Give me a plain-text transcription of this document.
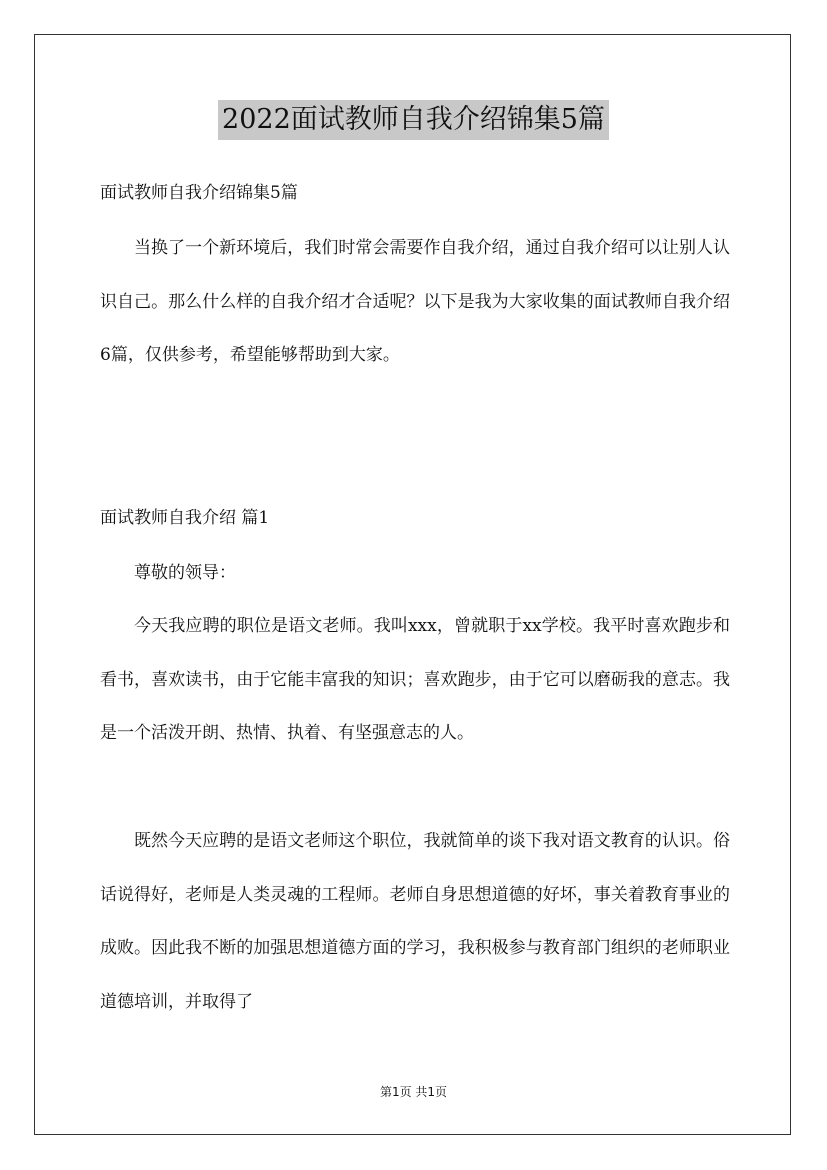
2022面试教师自我介绍锦集5篇

面试教师自我介绍锦集5篇

当换了一个新环境后，我们时常会需要作自我介绍，通过自我介绍可以让别人认识自己。那么什么样的自我介绍才合适呢？以下是我为大家收集的面试教师自我介绍6篇，仅供参考，希望能够帮助到大家。

面试教师自我介绍 篇1

尊敬的领导：

今天我应聘的职位是语文老师。我叫xxx，曾就职于xx学校。我平时喜欢跑步和看书，喜欢读书，由于它能丰富我的知识；喜欢跑步，由于它可以磨砺我的意志。我是一个活泼开朗、热情、执着、有坚强意志的人。

既然今天应聘的是语文老师这个职位，我就简单的谈下我对语文教育的认识。俗话说得好，老师是人类灵魂的工程师。老师自身思想道德的好坏，事关着教育事业的成败。因此我不断的加强思想道德方面的学习，我积极参与教育部门组织的老师职业道德培训，并取得了

第1页 共1页
